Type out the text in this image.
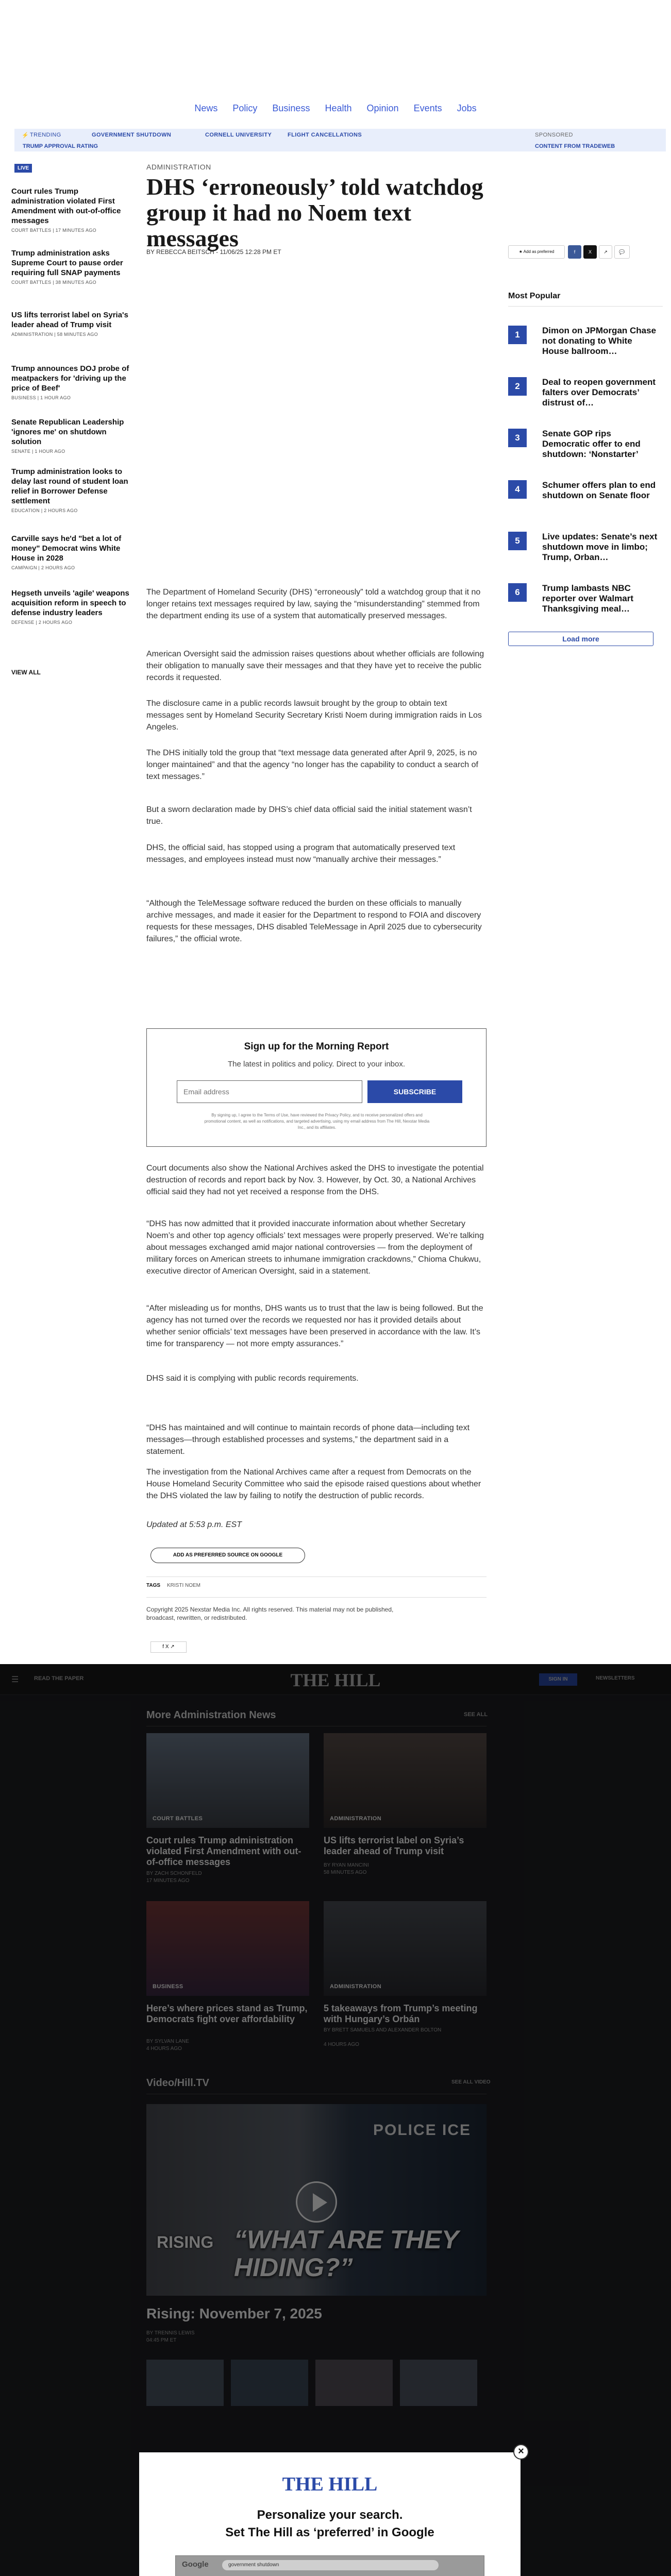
News Policy Business Health Opinion Events Jobs
⚡ TRENDING	GOVERNMENT SHUTDOWN	CORNELL UNIVERSITY	FLIGHT CANCELLATIONS	SPONSORED
TRUMP APPROVAL RATING	CONTENT FROM TRADEWEB
LIVE
Court rules Trump administration violated First Amendment with out-of-office messages
COURT BATTLES | 17 MINUTES AGO
Trump administration asks Supreme Court to pause order requiring full SNAP payments
COURT BATTLES | 38 MINUTES AGO
US lifts terrorist label on Syria's leader ahead of Trump visit
ADMINISTRATION | 58 MINUTES AGO
Trump announces DOJ probe of meatpackers for 'driving up the price of Beef'
BUSINESS | 1 HOUR AGO
Senate Republican Leadership 'ignores me' on shutdown solution
SENATE | 1 HOUR AGO
Trump administration looks to delay last round of student loan relief in Borrower Defense settlement
EDUCATION | 2 HOURS AGO
Carville says he'd "bet a lot of money" Democrat wins White House in 2028
CAMPAIGN | 2 HOURS AGO
Hegseth unveils 'agile' weapons acquisition reform in speech to defense industry leaders
DEFENSE | 2 HOURS AGO
VIEW ALL
ADMINISTRATION
DHS ‘erroneously’ told watchdog group it had no Noem text messages
BY REBECCA BEITSCH - 11/06/25 12:28 PM ET	★ Add as preferred	f	X	↗	💬
The Department of Homeland Security (DHS) “erroneously” told a watchdog group that it no longer retains text messages required by law, saying the “misunderstanding” stemmed from the department ending its use of a system that automatically preserved messages.
American Oversight said the admission raises questions about whether officials are following their obligation to manually save their messages and that they have yet to receive the public records it requested.
The disclosure came in a public records lawsuit brought by the group to obtain text messages sent by Homeland Security Secretary Kristi Noem during immigration raids in Los Angeles.
The DHS initially told the group that “text message data generated after April 9, 2025, is no longer maintained” and that the agency “no longer has the capability to conduct a search of text messages.”
But a sworn declaration made by DHS’s chief data official said the initial statement wasn’t true.
DHS, the official said, has stopped using a program that automatically preserved text messages, and employees instead must now “manually archive their messages.”
“Although the TeleMessage software reduced the burden on these officials to manually archive messages, and made it easier for the Department to respond to FOIA and discovery requests for these messages, DHS disabled TeleMessage in April 2025 due to cybersecurity failures,” the official wrote.
Sign up for the Morning Report
The latest in politics and policy. Direct to your inbox.
Email address
SUBSCRIBE
By signing up, I agree to the Terms of Use, have reviewed the Privacy Policy, and to receive personalized offers and promotional content, as well as notifications, and targeted advertising, using my email address from The Hill, Nexstar Media Inc., and its affiliates.
Court documents also show the National Archives asked the DHS to investigate the potential destruction of records and report back by Nov. 3. However, by Oct. 30, a National Archives official said they had not yet received a response from the DHS.
“DHS has now admitted that it provided inaccurate information about whether Secretary Noem’s and other top agency officials’ text messages were properly preserved. We’re talking about messages exchanged amid major national controversies — from the deployment of military forces on American streets to inhumane immigration crackdowns,” Chioma Chukwu, executive director of American Oversight, said in a statement.
“After misleading us for months, DHS wants us to trust that the law is being followed. But the agency has not turned over the records we requested nor has it provided details about whether senior officials’ text messages have been preserved in accordance with the law. It’s time for transparency — not more empty assurances.”
DHS said it is complying with public records requirements.
“DHS has maintained and will continue to maintain records of phone data—including text messages—through established processes and systems,” the department said in a statement.
The investigation from the National Archives came after a request from Democrats on the House Homeland Security Committee who said the episode raised questions about whether the DHS violated the law by failing to notify the destruction of public records.
Updated at 5:53 p.m. EST
ADD AS PREFERRED SOURCE ON GOOGLE
TAGS KRISTI NOEM
Copyright 2025 Nexstar Media Inc. All rights reserved. This material may not be published, broadcast, rewritten, or redistributed.
f X ↗
Most Popular
1	Dimon on JPMorgan Chase not donating to White House ballroom…
2	Deal to reopen government falters over Democrats’ distrust of…
3	Senate GOP rips Democratic offer to end shutdown: ‘Nonstarter’
4	Schumer offers plan to end shutdown on Senate floor
5	Live updates: Senate’s next shutdown move in limbo; Trump, Orban…
6	Trump lambasts NBC reporter over Walmart Thanksgiving meal…
Load more
×
THE HILL
Personalize your search.
Set The Hill as ‘preferred’ in Google
Google	government shutdown
